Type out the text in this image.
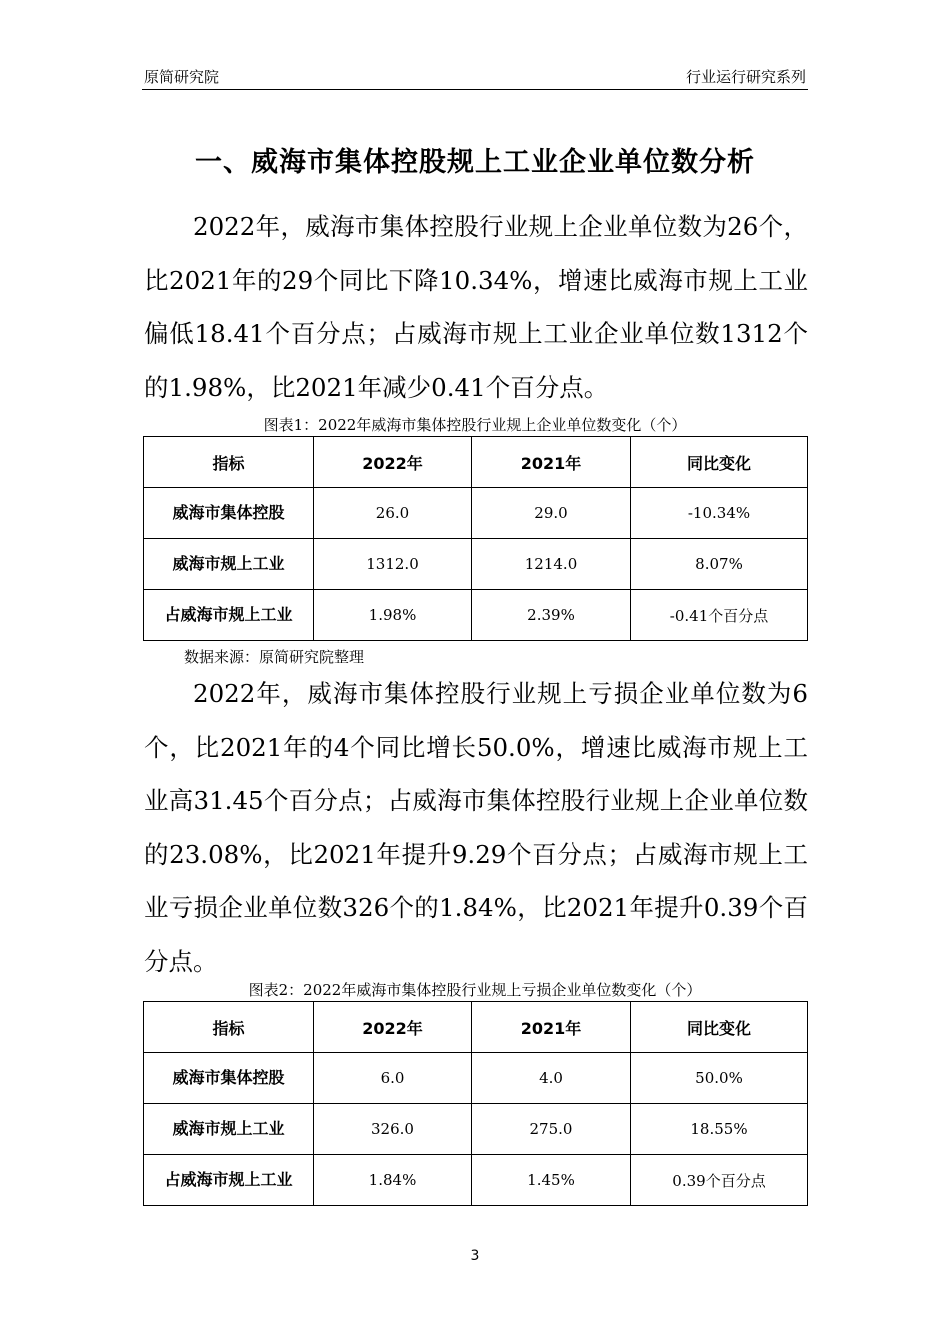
原简研究院	行业运行研究系列
一、威海市集体控股规上工业企业单位数分析

2022年，威海市集体控股行业规上企业单位数为26个，比2021年的29个同比下降10.34%，增速比威海市规上工业偏低18.41个百分点；占威海市规上工业企业单位数1312个的1.98%，比2021年减少0.41个百分点。

图表1：2022年威海市集体控股行业规上企业单位数变化（个）
指标	2022年	2021年	同比变化
威海市集体控股	26.0	29.0	-10.34%
威海市规上工业	1312.0	1214.0	8.07%
占威海市规上工业	1.98%	2.39%	-0.41个百分点
数据来源：原简研究院整理

2022年，威海市集体控股行业规上亏损企业单位数为6个，比2021年的4个同比增长50.0%，增速比威海市规上工业高31.45个百分点；占威海市集体控股行业规上企业单位数的23.08%，比2021年提升9.29个百分点；占威海市规上工业亏损企业单位数326个的1.84%，比2021年提升0.39个百分点。

图表2：2022年威海市集体控股行业规上亏损企业单位数变化（个）
指标	2022年	2021年	同比变化
威海市集体控股	6.0	4.0	50.0%
威海市规上工业	326.0	275.0	18.55%
占威海市规上工业	1.84%	1.45%	0.39个百分点
3
